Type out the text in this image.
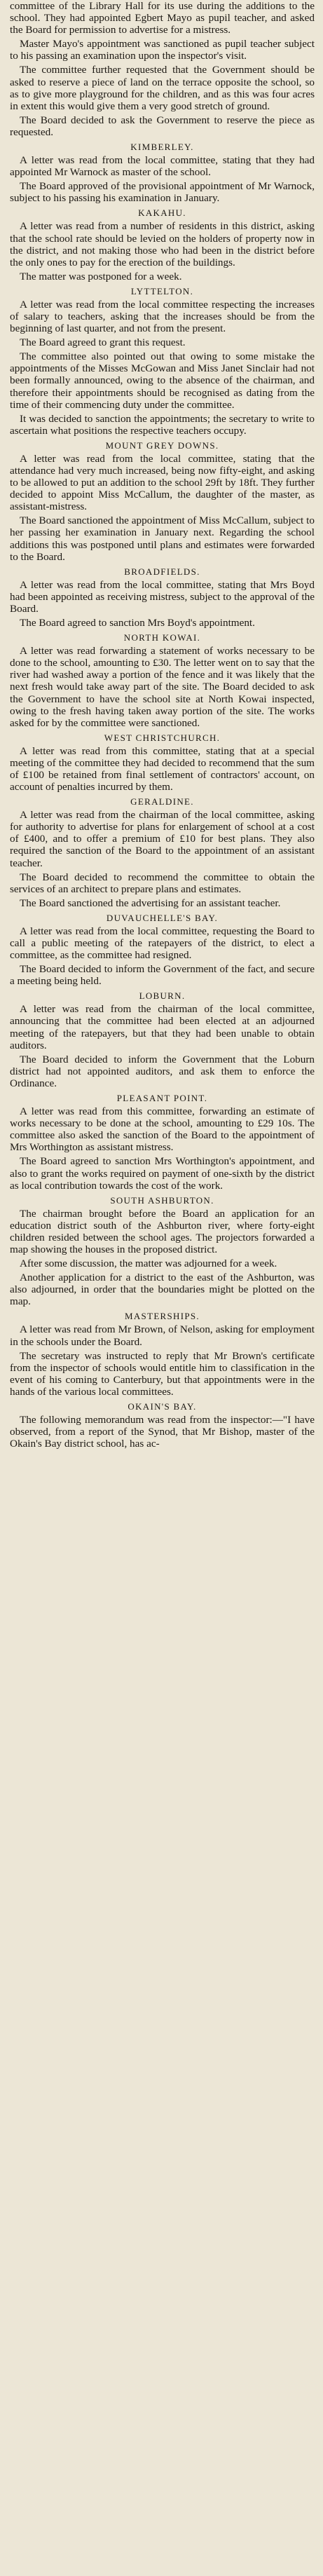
committee of the Library Hall for its use during the additions to the school. They had appointed Egbert Mayo as pupil teacher, and asked the Board for permission to advertise for a mistress.

Master Mayo's appointment was sanctioned as pupil teacher subject to his passing an examination upon the inspector's visit.

The committee further requested that the Government should be asked to reserve a piece of land on the terrace opposite the school, so as to give more playground for the children, and as this was four acres in extent this would give them a very good stretch of ground.

The Board decided to ask the Government to reserve the piece as requested.

KIMBERLEY.

A letter was read from the local committee, stating that they had appointed Mr Warnock as master of the school.

The Board approved of the provisional appointment of Mr Warnock, subject to his passing his examination in January.

KAKAHU.

A letter was read from a number of residents in this district, asking that the school rate should be levied on the holders of property now in the district, and not making those who had been in the district before the only ones to pay for the erection of the buildings.

The matter was postponed for a week.

LYTTELTON.

A letter was read from the local committee respecting the increases of salary to teachers, asking that the increases should be from the beginning of last quarter, and not from the present.

The Board agreed to grant this request.

The committee also pointed out that owing to some mistake the appointments of the Misses McGowan and Miss Janet Sinclair had not been formally announced, owing to the absence of the chairman, and therefore their appointments should be recognised as dating from the time of their commencing duty under the committee.

It was decided to sanction the appointments; the secretary to write to ascertain what positions the respective teachers occupy.

MOUNT GREY DOWNS.

A letter was read from the local committee, stating that the attendance had very much increased, being now fifty-eight, and asking to be allowed to put an addition to the school 29ft by 18ft. They further decided to appoint Miss McCallum, the daughter of the master, as assistant-mistress.

The Board sanctioned the appointment of Miss McCallum, subject to her passing her examination in January next. Regarding the school additions this was postponed until plans and estimates were forwarded to the Board.

BROADFIELDS.

A letter was read from the local committee, stating that Mrs Boyd had been appointed as receiving mistress, subject to the approval of the Board.

The Board agreed to sanction Mrs Boyd's appointment.

NORTH KOWAI.

A letter was read forwarding a statement of works necessary to be done to the school, amounting to £30. The letter went on to say that the river had washed away a portion of the fence and it was likely that the next fresh would take away part of the site. The Board decided to ask the Government to have the school site at North Kowai inspected, owing to the fresh having taken away portion of the site. The works asked for by the committee were sanctioned.

WEST CHRISTCHURCH.

A letter was read from this committee, stating that at a special meeting of the committee they had decided to recommend that the sum of £100 be retained from final settlement of contractors' account, on account of penalties incurred by them.

GERALDINE.

A letter was read from the chairman of the local committee, asking for authority to advertise for plans for enlargement of school at a cost of £400, and to offer a premium of £10 for best plans. They also required the sanction of the Board to the appointment of an assistant teacher.

The Board decided to recommend the committee to obtain the services of an architect to prepare plans and estimates.

The Board sanctioned the advertising for an assistant teacher.

DUVAUCHELLE'S BAY.

A letter was read from the local committee, requesting the Board to call a public meeting of the ratepayers of the district, to elect a committee, as the committee had resigned.

The Board decided to inform the Government of the fact, and secure a meeting being held.

LOBURN.

A letter was read from the chairman of the local committee, announcing that the committee had been elected at an adjourned meeting of the ratepayers, but that they had been unable to obtain auditors.

The Board decided to inform the Government that the Loburn district had not appointed auditors, and ask them to enforce the Ordinance.

PLEASANT POINT.

A letter was read from this committee, forwarding an estimate of works necessary to be done at the school, amounting to £29 10s. The committee also asked the sanction of the Board to the appointment of Mrs Worthington as assistant mistress.

The Board agreed to sanction Mrs Worthington's appointment, and also to grant the works required on payment of one-sixth by the district as local contribution towards the cost of the work.

SOUTH ASHBURTON.

The chairman brought before the Board an application for an education district south of the Ashburton river, where forty-eight children resided between the school ages. The projectors forwarded a map showing the houses in the proposed district.

After some discussion, the matter was adjourned for a week.

Another application for a district to the east of the Ashburton, was also adjourned, in order that the boundaries might be plotted on the map.

MASTERSHIPS.

A letter was read from Mr Brown, of Nelson, asking for employment in the schools under the Board.

The secretary was instructed to reply that Mr Brown's certificate from the inspector of schools would entitle him to classification in the event of his coming to Canterbury, but that appointments were in the hands of the various local committees.

OKAIN'S BAY.

The following memorandum was read from the inspector:—"I have observed, from a report of the Synod, that Mr Bishop, master of the Okain's Bay district school, has ac-
